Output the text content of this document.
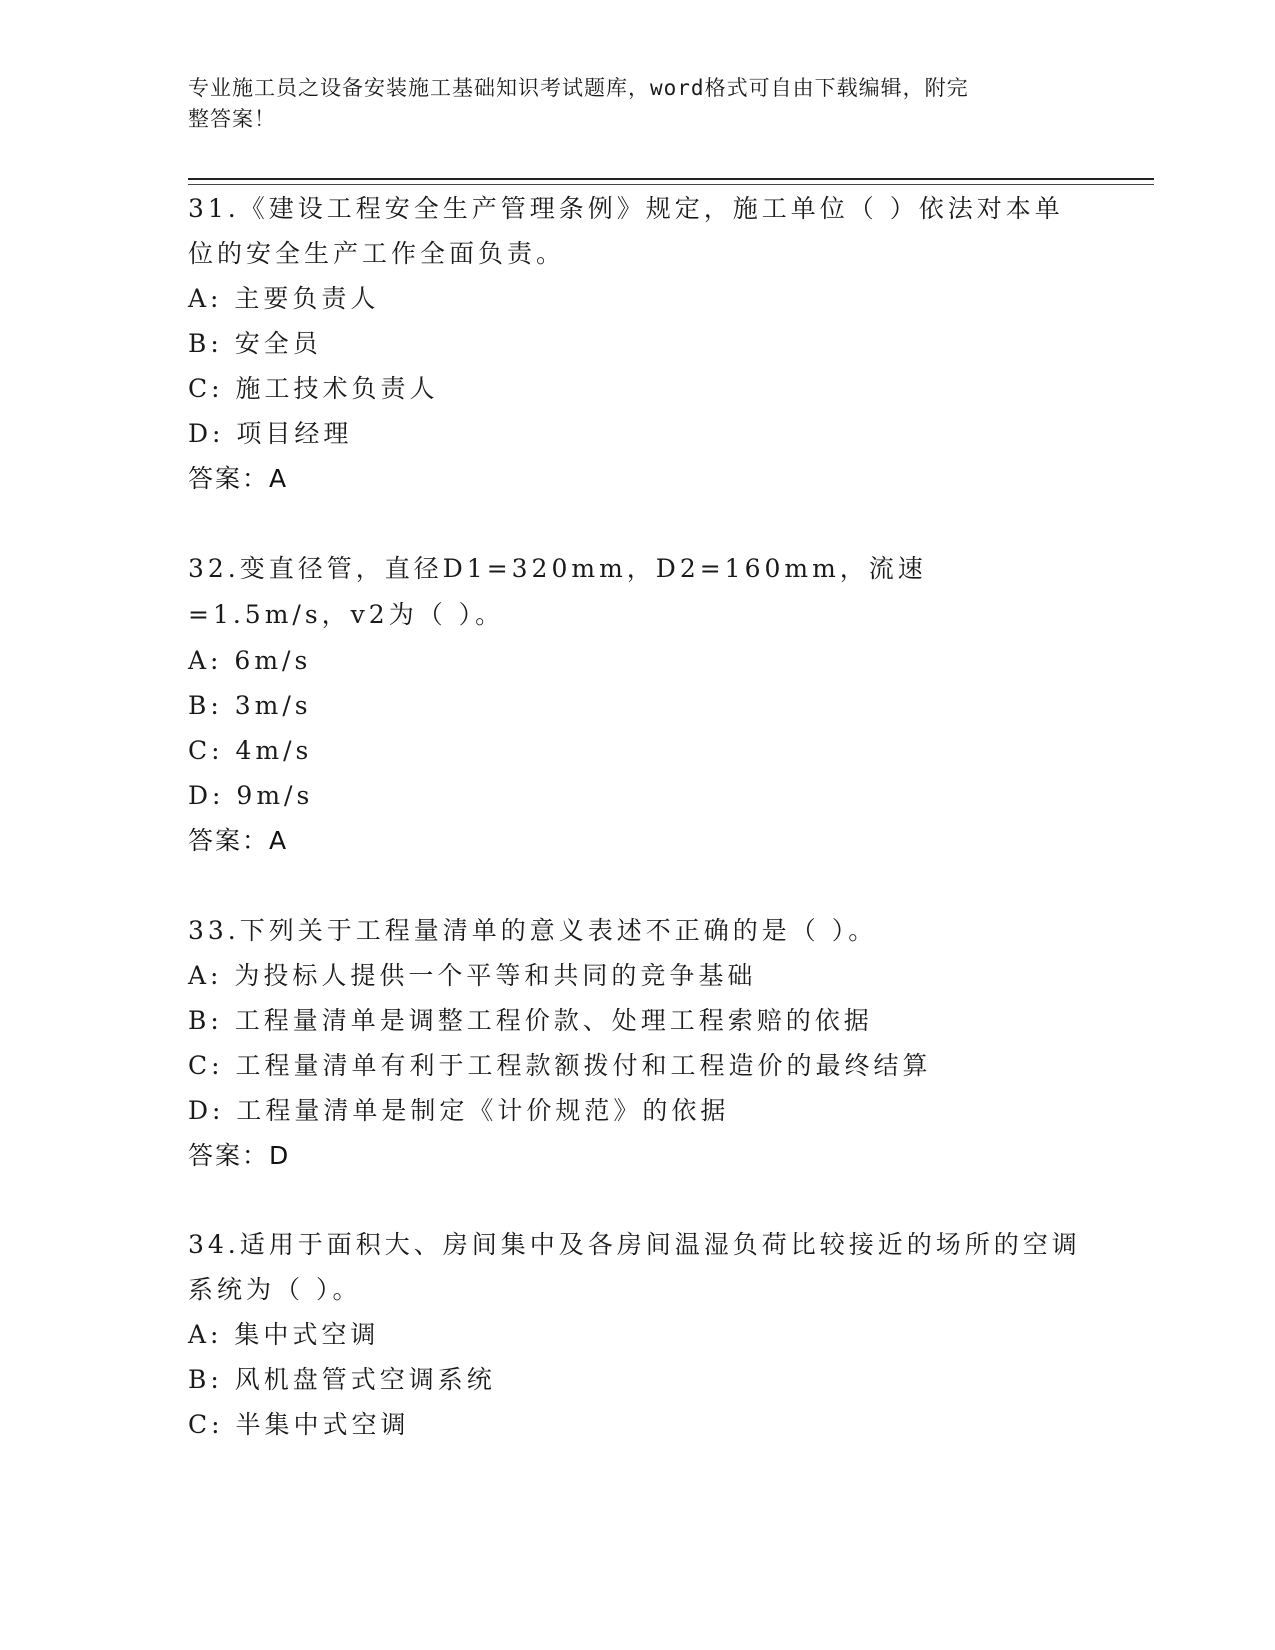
专业施工员之设备安装施工基础知识考试题库，word格式可自由下载编辑，附完
整答案！
31.《建设工程安全生产管理条例》规定，施工单位（ ）依法对本单位的安全生产工作全面负责。
A: 主要负责人
B: 安全员
C: 施工技术负责人
D: 项目经理
答案：A
32.变直径管，直径D1=320mm，D2=160mm，流速=1.5m/s，v2为（ ）。
A: 6m/s
B: 3m/s
C: 4m/s
D: 9m/s
答案：A
33.下列关于工程量清单的意义表述不正确的是（ ）。
A: 为投标人提供一个平等和共同的竞争基础
B: 工程量清单是调整工程价款、处理工程索赔的依据
C: 工程量清单有利于工程款额拨付和工程造价的最终结算
D: 工程量清单是制定《计价规范》的依据
答案：D
34.适用于面积大、房间集中及各房间温湿负荷比较接近的场所的空调系统为（ ）。
A: 集中式空调
B: 风机盘管式空调系统
C: 半集中式空调
